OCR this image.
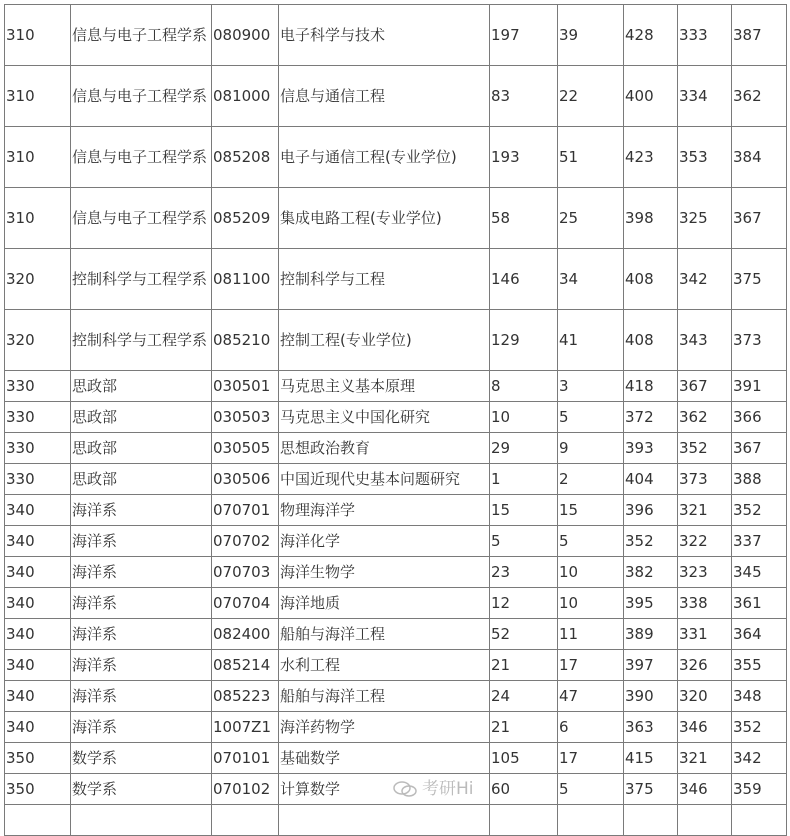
310	信息与电子工程学系	080900	电子科学与技术	197	39	428	333	387
310	信息与电子工程学系	081000	信息与通信工程	83	22	400	334	362
310	信息与电子工程学系	085208	电子与通信工程(专业学位)	193	51	423	353	384
310	信息与电子工程学系	085209	集成电路工程(专业学位)	58	25	398	325	367
320	控制科学与工程学系	081100	控制科学与工程	146	34	408	342	375
320	控制科学与工程学系	085210	控制工程(专业学位)	129	41	408	343	373
330	思政部	030501	马克思主义基本原理	8	3	418	367	391
330	思政部	030503	马克思主义中国化研究	10	5	372	362	366
330	思政部	030505	思想政治教育	29	9	393	352	367
330	思政部	030506	中国近现代史基本问题研究	1	2	404	373	388
340	海洋系	070701	物理海洋学	15	15	396	321	352
340	海洋系	070702	海洋化学	5	5	352	322	337
340	海洋系	070703	海洋生物学	23	10	382	323	345
340	海洋系	070704	海洋地质	12	10	395	338	361
340	海洋系	082400	船舶与海洋工程	52	11	389	331	364
340	海洋系	085214	水利工程	21	17	397	326	355
340	海洋系	085223	船舶与海洋工程	24	47	390	320	348
340	海洋系	1007Z1	海洋药物学	21	6	363	346	352
350	数学系	070101	基础数学	105	17	415	321	342
350	数学系	070102	计算数学	60	5	375	346	359

考研Hi
